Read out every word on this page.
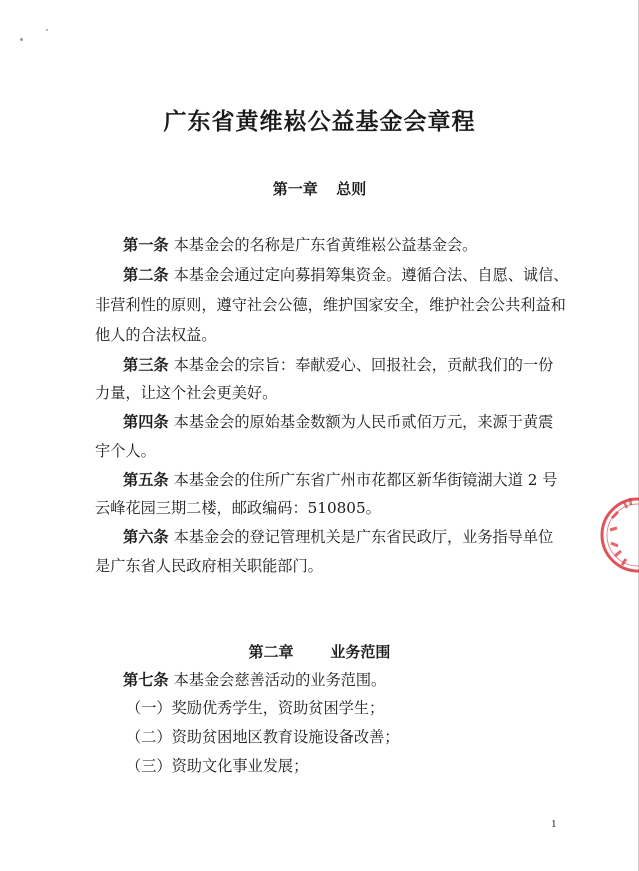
广东省黄维崧公益基金会章程
第一章  总则
第一条 本基金会的名称是广东省黄维崧公益基金会。
第二条 本基金会通过定向募捐筹集资金。遵循合法、自愿、诚信、
非营利性的原则，遵守社会公德，维护国家安全，维护社会公共利益和
他人的合法权益。
第三条 本基金会的宗旨：奉献爱心、回报社会，贡献我们的一份
力量，让这个社会更美好。
第四条 本基金会的原始基金数额为人民币贰佰万元，来源于黄震
宇个人。
第五条 本基金会的住所广东省广州市花都区新华街镜湖大道 2 号
云峰花园三期二楼，邮政编码：510805。
第六条 本基金会的登记管理机关是广东省民政厅，业务指导单位
是广东省人民政府相关职能部门。
第二章    业务范围
第七条 本基金会慈善活动的业务范围。
（一）奖励优秀学生，资助贫困学生；
（二）资助贫困地区教育设施设备改善；
（三）资助文化事业发展；
1
